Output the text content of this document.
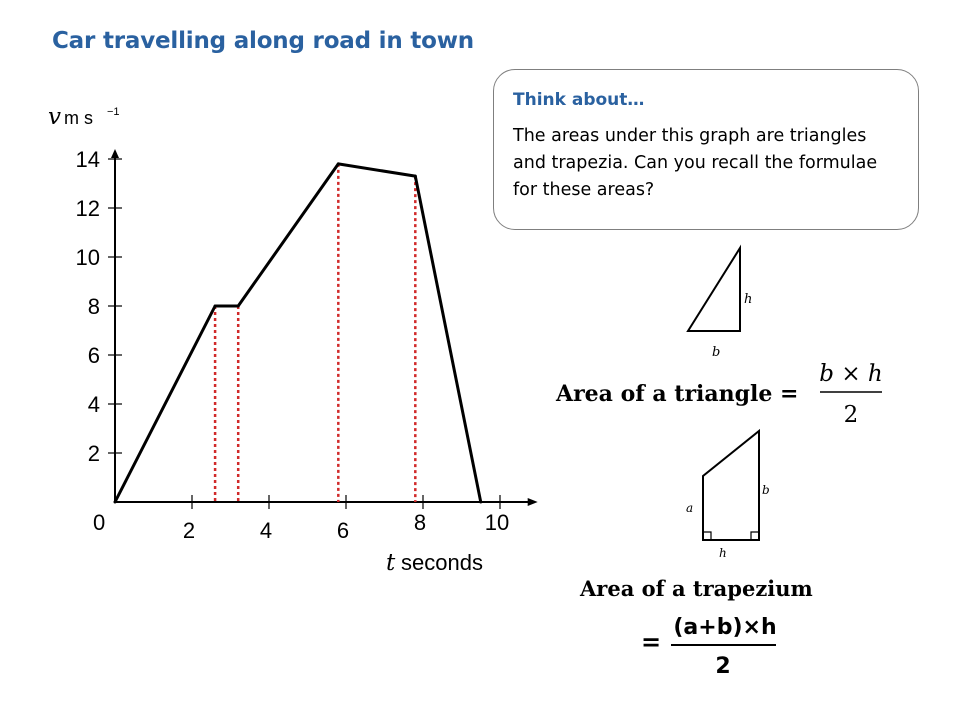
Car travelling along road in town
v m s −1
2
4
6
8
10
12
14
2	4	6	8	10
0
t seconds
Think about…
The areas under this graph are triangles and trapezia. Can you recall the formulae for these areas?
h
b
Area of a triangle =
b × h
2
a
b
h
Area of a trapezium
=
(a+b)×h
2
